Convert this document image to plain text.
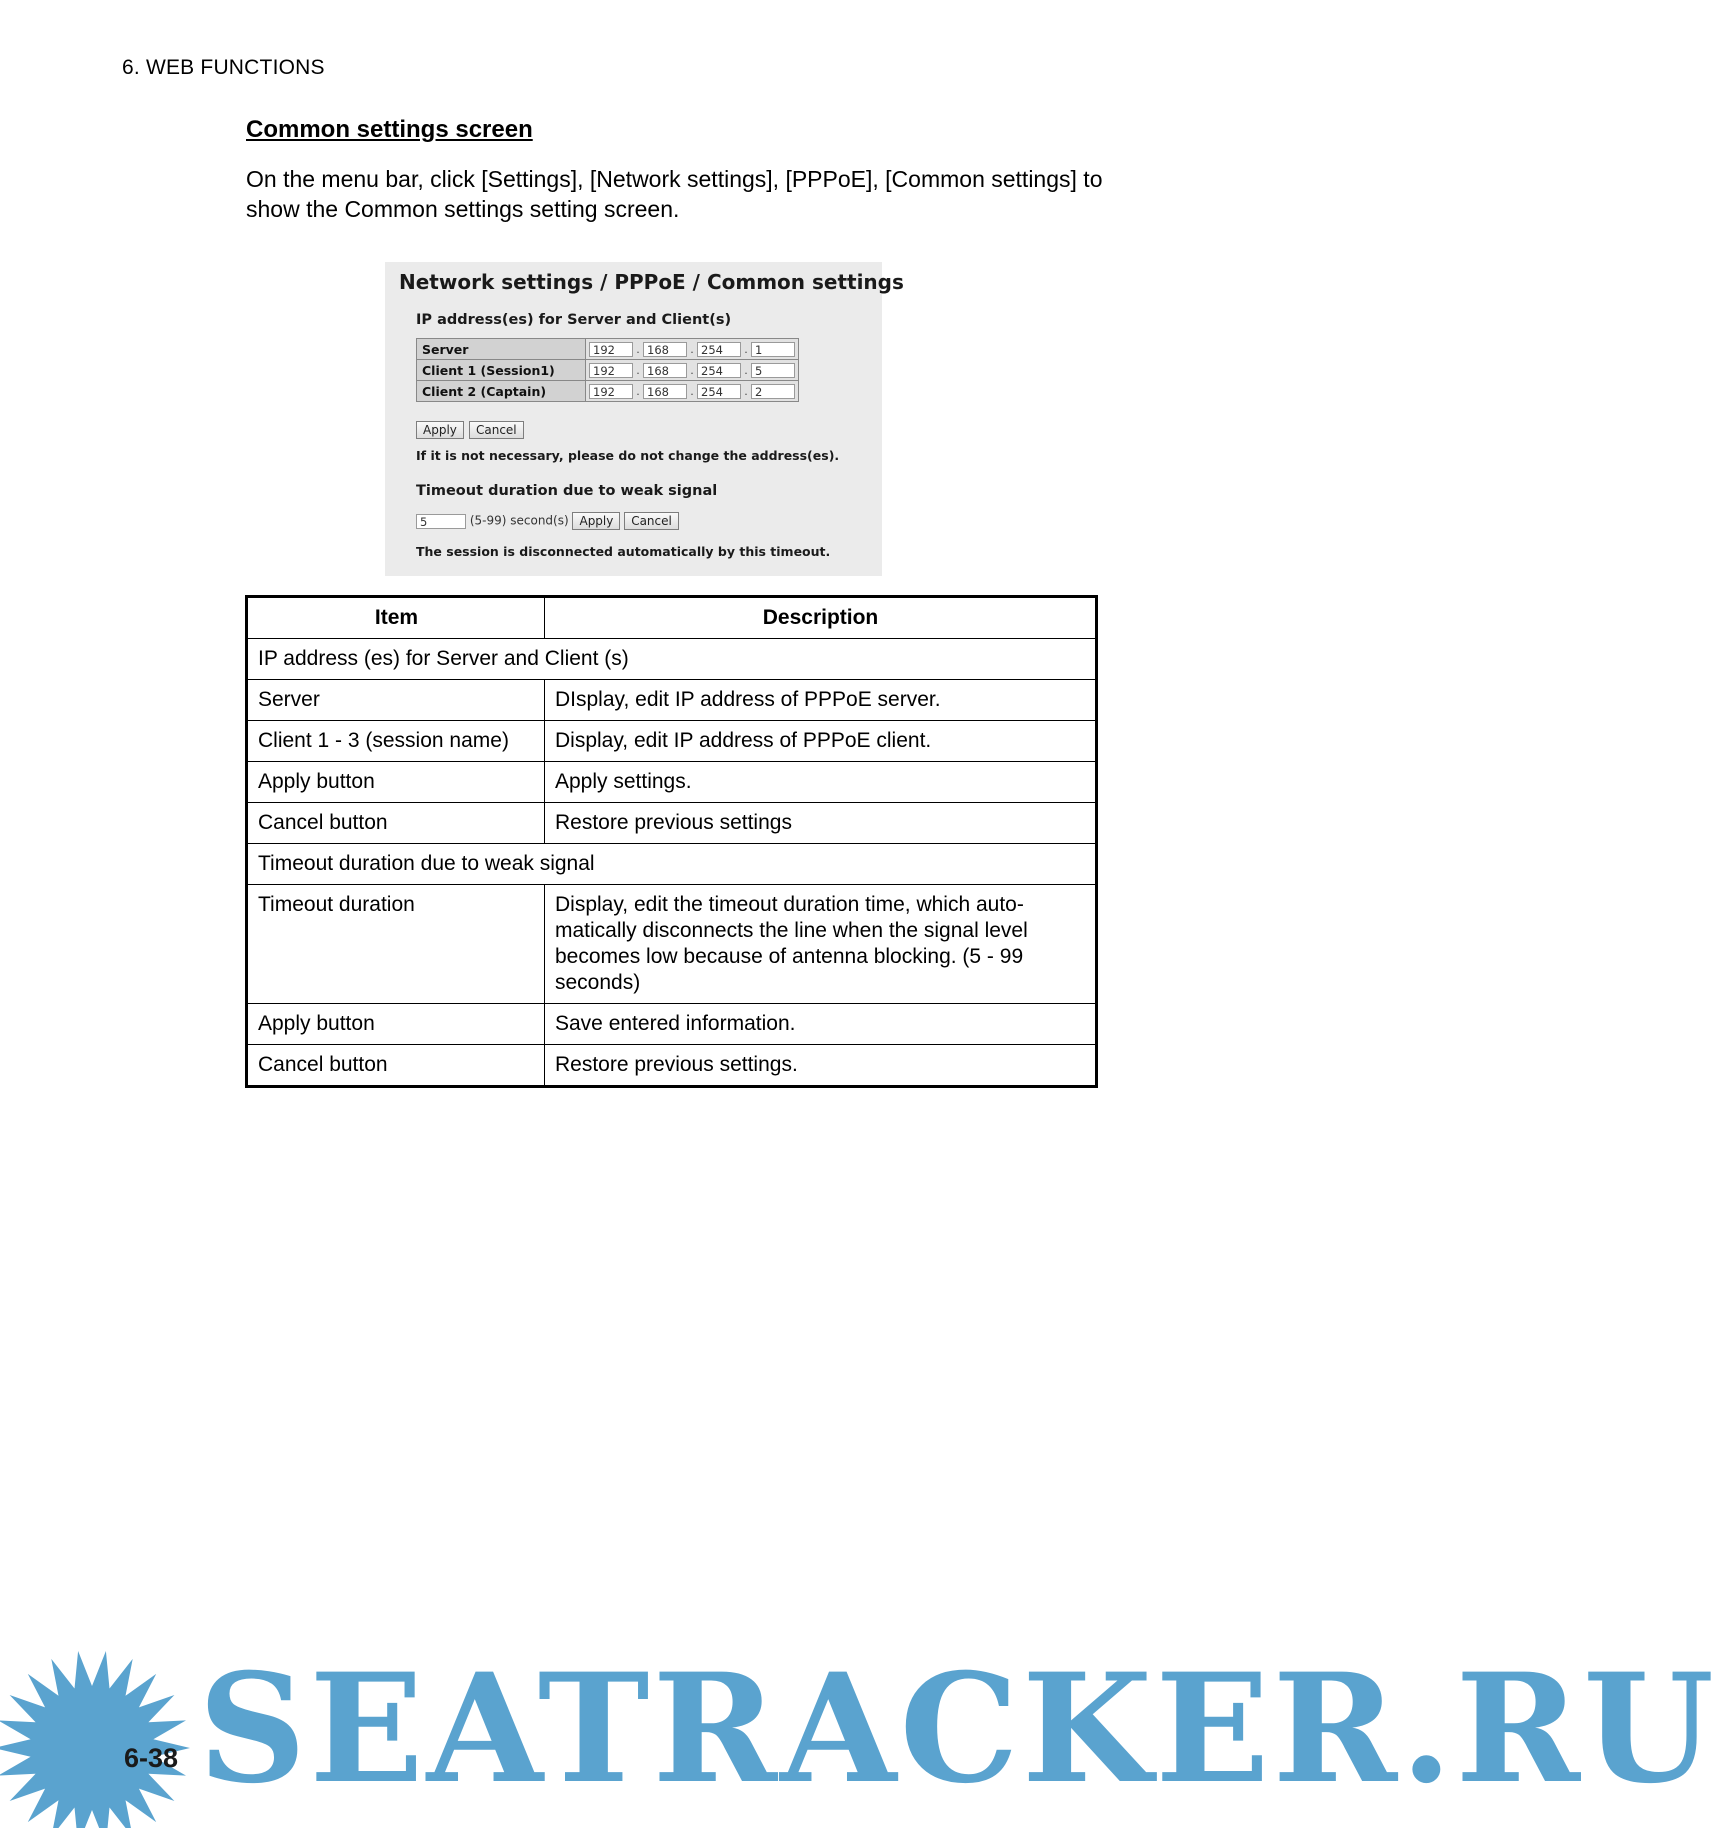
6. WEB FUNCTIONS
Common settings screen
On the menu bar, click [Settings], [Network settings], [PPPoE], [Common settings] to show the Common settings setting screen.
Network settings / PPPoE / Common settings
IP address(es) for Server and Client(s)
Server	192 . 168 . 254 . 1
Client 1 (Session1)	192 . 168 . 254 . 5
Client 2 (Captain)	192 . 168 . 254 . 2
Apply Cancel
If it is not necessary, please do not change the address(es).
Timeout duration due to weak signal
5	(5-99) second(s) Apply Cancel
The session is disconnected automatically by this timeout.
Item	Description
IP address (es) for Server and Client (s)	
Server	DIsplay, edit IP address of PPPoE server.
Client 1 - 3 (session name)	Display, edit IP address of PPPoE client.
Apply button	Apply settings.
Cancel button	Restore previous settings
Timeout duration due to weak signal	
Timeout duration	Display, edit the timeout duration time, which auto-matically disconnects the line when the signal level becomes low because of antenna blocking. (5 - 99 seconds)
Apply button	Save entered information.
Cancel button	Restore previous settings.
SEATRACKER.RU
6-38
